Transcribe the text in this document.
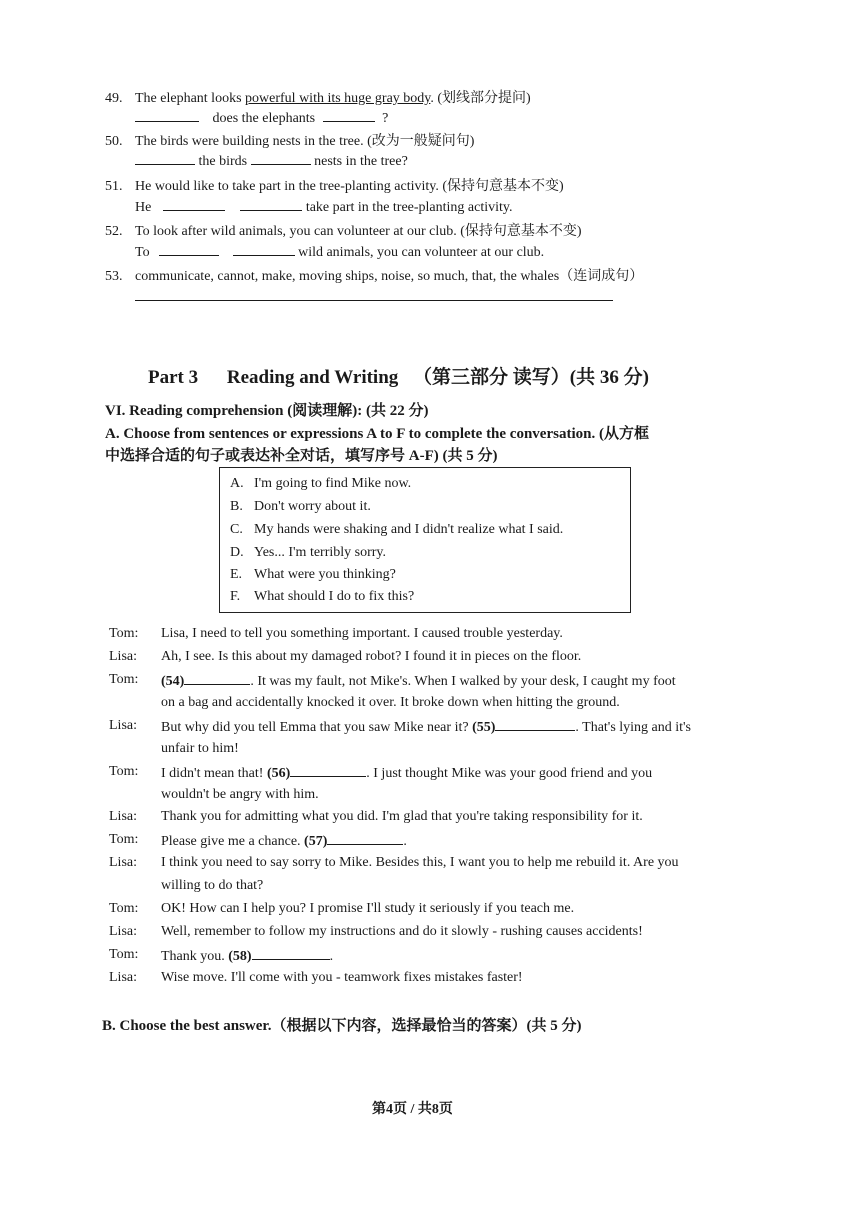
49. The elephant looks powerful with its huge gray body. (划线部分提问)
does the elephants	?
50. The birds were building nests in the tree. (改为一般疑问句)
the birds	nests in the tree?
51. He would like to take part in the tree-planting activity. (保持句意基本不变)
He	take part in the tree-planting activity.
52. To look after wild animals, you can volunteer at our club. (保持句意基本不变)
To	wild animals, you can volunteer at our club.
53. communicate, cannot, make, moving ships, noise, so much, that, the whales（连词成句）
Part 3 Reading and Writing （第三部分 读写）(共 36 分)
VI. Reading comprehension (阅读理解): (共 22 分)
A. Choose from sentences or expressions A to F to complete the conversation. (从方框
中选择合适的句子或表达补全对话，填写序号 A-F) (共 5 分)
A. I'm going to find Mike now.
B. Don't worry about it.
C. My hands were shaking and I didn't realize what I said.
D. Yes... I'm terribly sorry.
E. What were you thinking?
F. What should I do to fix this?
Tom: Lisa, I need to tell you something important. I caused trouble yesterday.
Lisa: Ah, I see. Is this about my damaged robot? I found it in pieces on the floor.
Tom: (54)	. It was my fault, not Mike's. When I walked by your desk, I caught my foot
on a bag and accidentally knocked it over. It broke down when hitting the ground.
Lisa: But why did you tell Emma that you saw Mike near it? (55)	. That's lying and it's
unfair to him!
Tom: I didn't mean that! (56)	. I just thought Mike was your good friend and you
wouldn't be angry with him.
Lisa: Thank you for admitting what you did. I'm glad that you're taking responsibility for it.
Tom: Please give me a chance. (57)	.
Lisa: I think you need to say sorry to Mike. Besides this, I want you to help me rebuild it. Are you
willing to do that?
Tom: OK! How can I help you? I promise I'll study it seriously if you teach me.
Lisa: Well, remember to follow my instructions and do it slowly - rushing causes accidents!
Tom: Thank you. (58)	.
Lisa: Wise move. I'll come with you - teamwork fixes mistakes faster!
B. Choose the best answer.（根据以下内容，选择最恰当的答案）(共 5 分)
第4页 / 共8页
